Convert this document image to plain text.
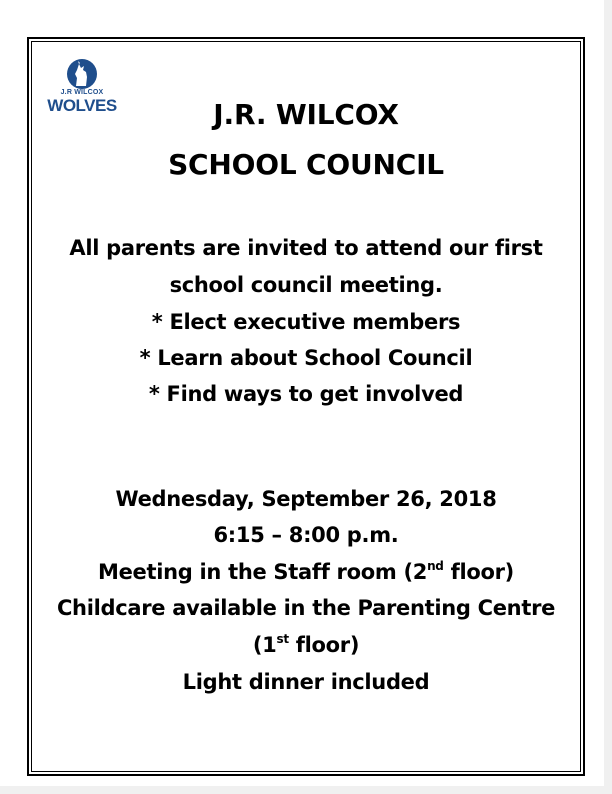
J.R WILCOX
WOLVES	J.R. WILCOX
SCHOOL COUNCIL
All parents are invited to attend our first
school council meeting.
* Elect executive members
* Learn about School Council
* Find ways to get involved
Wednesday, September 26, 2018
6:15 – 8:00 p.m.
Meeting in the Staff room (2nd floor)
Childcare available in the Parenting Centre
(1st floor)
Light dinner included
